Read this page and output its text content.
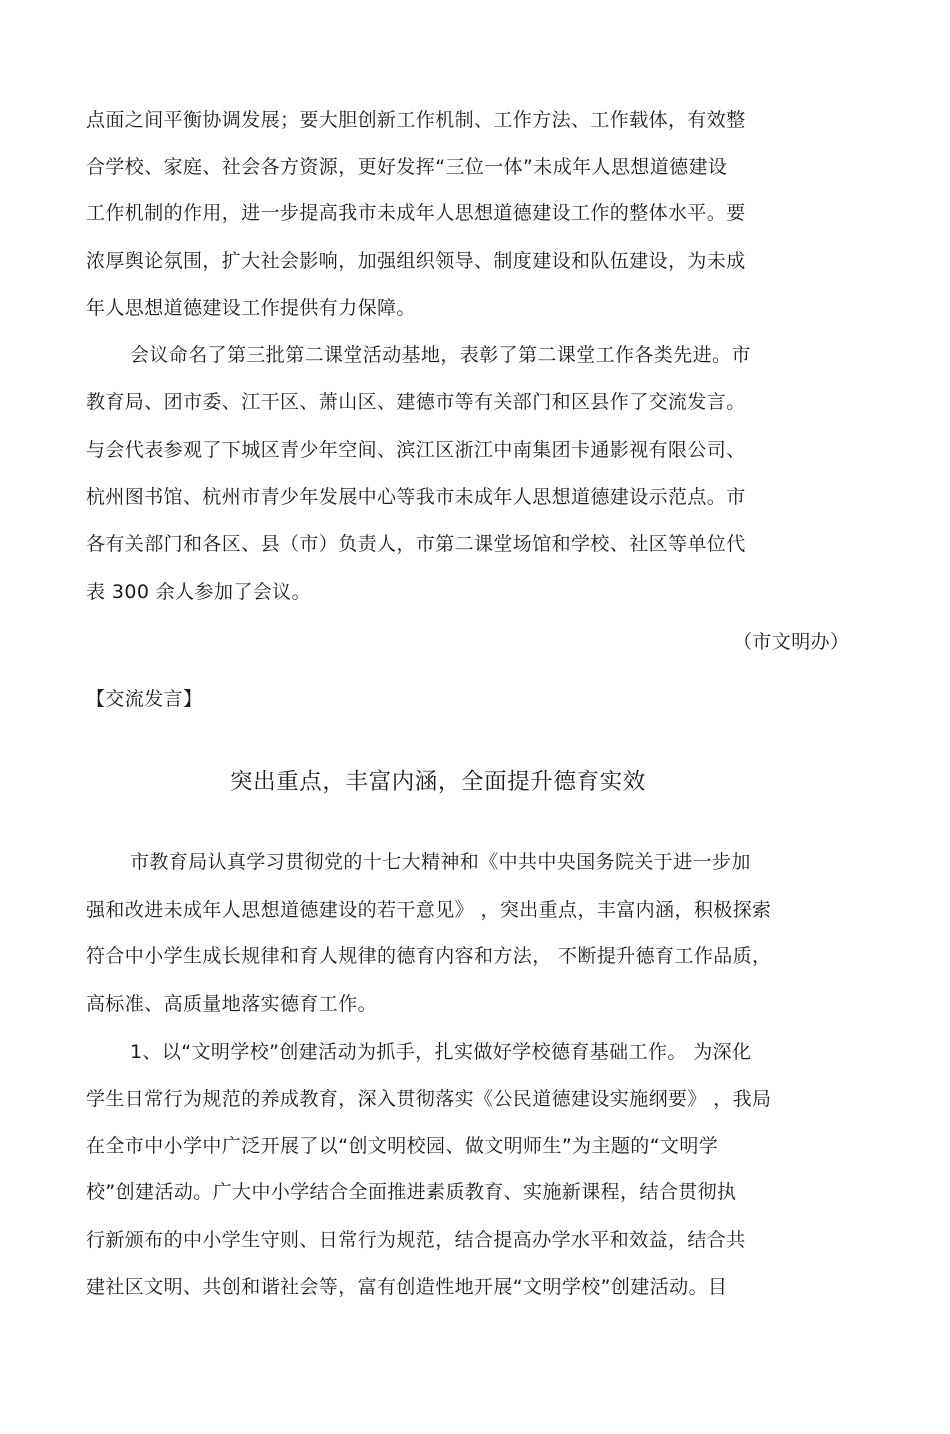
点面之间平衡协调发展；要大胆创新工作机制、工作方法、工作载体，有效整
合学校、家庭、社会各方资源，更好发挥“三位一体”未成年人思想道德建设
工作机制的作用，进一步提高我市未成年人思想道德建设工作的整体水平。要
浓厚舆论氛围，扩大社会影响，加强组织领导、制度建设和队伍建设，为未成
年人思想道德建设工作提供有力保障。
会议命名了第三批第二课堂活动基地，表彰了第二课堂工作各类先进。市
教育局、团市委、江干区、萧山区、建德市等有关部门和区县作了交流发言。
与会代表参观了下城区青少年空间、滨江区浙江中南集团卡通影视有限公司、
杭州图书馆、杭州市青少年发展中心等我市未成年人思想道德建设示范点。市
各有关部门和各区、县（市）负责人，市第二课堂场馆和学校、社区等单位代
表 300 余人参加了会议。
（市文明办）
【交流发言】
突出重点，丰富内涵，全面提升德育实效
市教育局认真学习贯彻党的十七大精神和《中共中央国务院关于进一步加
强和改进未成年人思想道德建设的若干意见》 ，突出重点，丰富内涵，积极探索
符合中小学生成长规律和育人规律的德育内容和方法， 不断提升德育工作品质，
高标准、高质量地落实德育工作。
1、以“文明学校”创建活动为抓手，扎实做好学校德育基础工作。 为深化
学生日常行为规范的养成教育，深入贯彻落实《公民道德建设实施纲要》 ，我局
在全市中小学中广泛开展了以“创文明校园、做文明师生”为主题的“文明学
校”创建活动。广大中小学结合全面推进素质教育、实施新课程，结合贯彻执
行新颁布的中小学生守则、日常行为规范，结合提高办学水平和效益，结合共
建社区文明、共创和谐社会等，富有创造性地开展“文明学校”创建活动。目
